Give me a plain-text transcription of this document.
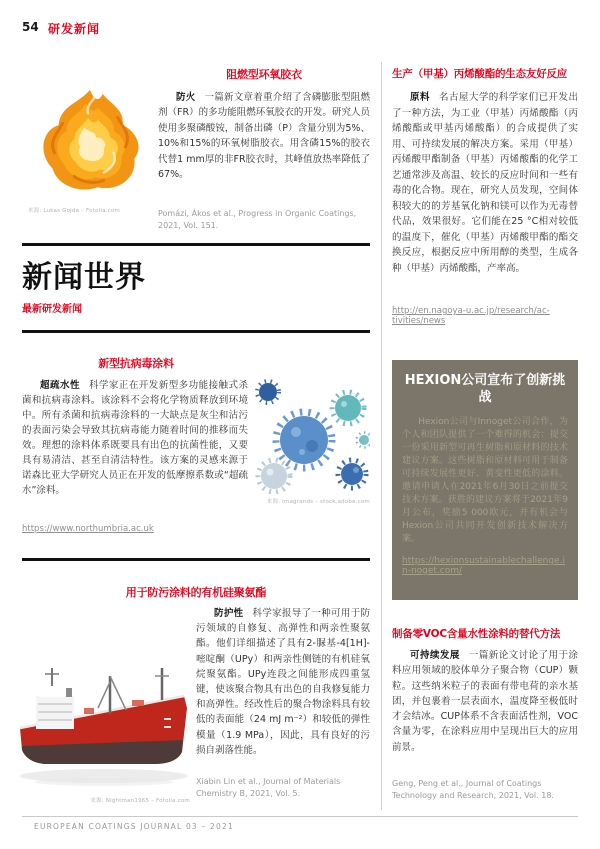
54 研发新闻
阻燃型环氧胶衣
来源: Lukas Gojda – Fotolia.com

防火 一篇新文章着重介绍了含磷膨胀型阻燃剂（FR）的多功能阻燃环氧胶衣的开发。研究人员使用多聚磷酸铵，制备出磷（P）含量分别为5%、10%和15%的环氧树脂胶衣。用含磷15%的胶衣代替1 mm厚的非FR胶衣时，其峰值放热率降低了67%。

Pomázi, Ákos et al., Progress in Organic Coatings, 2021, Vol. 151.
新闻世界
最新研发新闻
新型抗病毒涂料

超疏水性 科学家正在开发新型多功能接触式杀菌和抗病毒涂料。该涂料不会将化学物质释放到环境中。所有杀菌和抗病毒涂料的一大缺点是灰尘和沾污的表面污染会导致其抗病毒能力随着时间的推移而失效。理想的涂料体系既要具有出色的抗菌性能，又要具有易清洁、甚至自清洁特性。该方案的灵感来源于诺森比亚大学研究人员正在开发的低摩擦系数或“超疏水”涂料。

来源: imagrands – stock.adobe.com
https://www.northumbria.ac.uk
用于防污涂料的有机硅聚氨酯

防护性 科学家报导了一种可用于防污领域的自修复、高弹性和两亲性聚氨酯。他们详细描述了具有2-脲基-4[1H]-嘧啶酮（UPy）和两亲性侧链的有机硅氧烷聚氨酯。UPy连段之间能形成四重氢键，使该聚合物具有出色的自我修复能力和高弹性。经改性后的聚合物涂料具有较低的表面能（24 mJ m⁻²）和较低的弹性模量（1.9 MPa），因此，具有良好的污损自剥落性能。

来源: Nightman1965 – Fotolia.com
Xiabin Lin et al., Journal of Materials Chemistry B, 2021, Vol. 5.
生产（甲基）丙烯酸酯的生态友好反应

原料 名古屋大学的科学家们已开发出了一种方法，为工业（甲基）丙烯酸酯（丙烯酸酯或甲基丙烯酸酯）的合成提供了实用、可持续发展的解决方案。采用（甲基）丙烯酸甲酯制备（甲基）丙烯酸酯的化学工艺通常涉及高温、较长的反应时间和一些有毒的化合物。现在，研究人员发现，空间体积较大的的芳基氧化钠和镁可以作为无毒替代品，效果很好。它们能在25 °C相对较低的温度下，催化（甲基）丙烯酸甲酯的酯交换反应，根据反应中所用醇的类型，生成各种（甲基）丙烯酸酯，产率高。

http://en.nagoya-u.ac.jp/research/ac-tivities/news
HEXION公司宣布了创新挑战

Hexion公司与Innoget公司合作，为个人和团队提供了一个难得的机会：提交一份采用新型可再生树脂和原材料的技术建议方案。这些树脂和原材料可用于制备可持续发展性更好、黄变性更低的涂料。邀请申请人在2021年6月30日之前提交技术方案。获胜的建议方案将于2021年9月公布，奖励5 000欧元，并有机会与Hexion公司共同开发创新技术解决方案。

https://hexionsustainablechallenge.in-noget.com/
制备零VOC含量水性涂料的替代方法

可持续发展 一篇新论文讨论了用于涂料应用领域的胶体单分子聚合物（CUP）颗粒。这些纳米粒子的表面有带电荷的亲水基团，并包裹着一层表面水，温度降至极低时才会结冰。CUP体系不含表面活性剂，VOC含量为零，在涂料应用中呈现出巨大的应用前景。

Geng, Peng et al., Journal of Coatings Technology and Research, 2021, Vol. 18.
EUROPEAN COATINGS JOURNAL 03 – 2021
